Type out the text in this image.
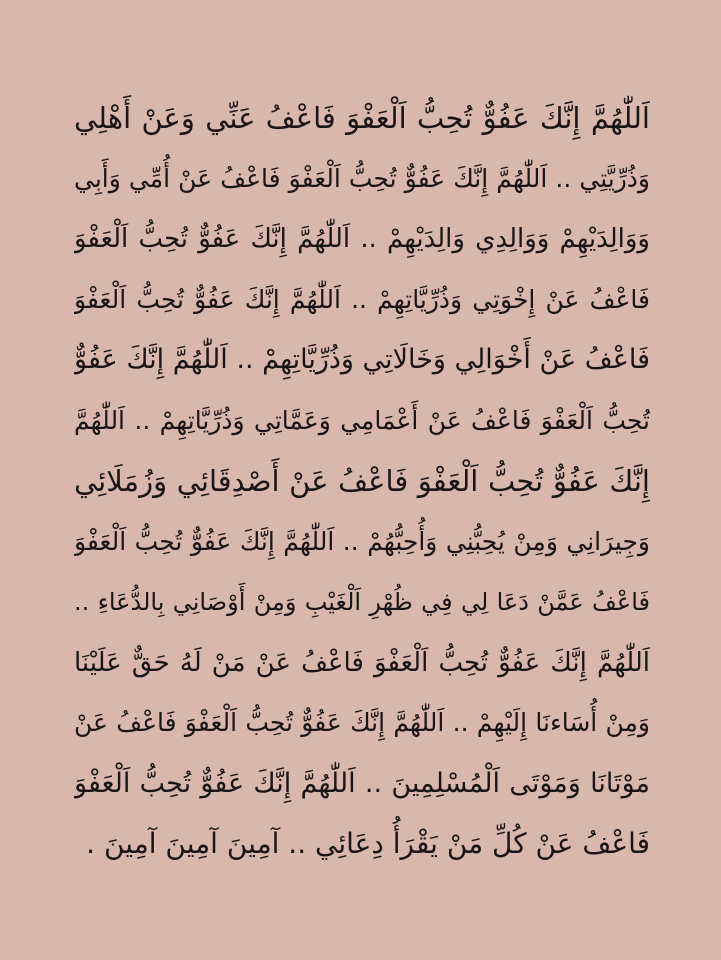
اَللّٰهُمَّ إِنَّكَ عَفُوٌّ تُحِبُّ اَلْعَفْوَ فَاعْفُ عَنِّي وَعَنْ أَهْلِي
وَذُرِّيَّتِي .. اَللّٰهُمَّ إِنَّكَ عَفُوٌّ تُحِبُّ اَلْعَفْوَ فَاعْفُ عَنْ أُمِّي وَأَبِي
وَوَالِدَيْهِمْ وَوَالِدِي وَالِدَيْهِمْ .. اَللّٰهُمَّ إِنَّكَ عَفُوٌّ تُحِبُّ اَلْعَفْوَ
فَاعْفُ عَنْ إِخْوَتِي وَذُرِّيَّاتِهِمْ .. اَللّٰهُمَّ إِنَّكَ عَفُوٌّ تُحِبُّ اَلْعَفْوَ
فَاعْفُ عَنْ أَخْوَالِي وَخَالَاتِي وَذُرِّيَّاتِهِمْ .. اَللّٰهُمَّ إِنَّكَ عَفُوٌّ
تُحِبُّ اَلْعَفْوَ فَاعْفُ عَنْ أَعْمَامِي وَعَمَّاتِي وَذُرِّيَّاتِهِمْ .. اَللّٰهُمَّ
إِنَّكَ عَفُوٌّ تُحِبُّ اَلْعَفْوَ فَاعْفُ عَنْ أَصْدِقَائِي وَزُمَلَائِي
وَجِيرَانِي وَمِنْ يُحِبُّنِي وَأُحِبُّهُمْ .. اَللّٰهُمَّ إِنَّكَ عَفُوٌّ تُحِبُّ اَلْعَفْوَ
فَاعْفُ عَمَّنْ دَعَا لِي فِي ظُهْرِ اَلْغَيْبِ وَمِنْ أَوْصَانِي بِالدُّعَاءِ ..
اَللّٰهُمَّ إِنَّكَ عَفُوٌّ تُحِبُّ اَلْعَفْوَ فَاعْفُ عَنْ مَنْ لَهُ حَقٌّ عَلَيْنَا
وَمِنْ أُسَاءنَا إِلَيْهِمْ .. اَللّٰهُمَّ إِنَّكَ عَفُوٌّ تُحِبُّ اَلْعَفْوَ فَاعْفُ عَنْ
مَوْتَانَا وَمَوْتَى اَلْمُسْلِمِينَ .. اَللّٰهُمَّ إِنَّكَ عَفُوٌّ تُحِبُّ اَلْعَفْوَ
فَاعْفُ عَنْ كُلِّ مَنْ يَقْرَأُ دِعَائِي .. آمِينَ آمِينَ آمِينَ .
